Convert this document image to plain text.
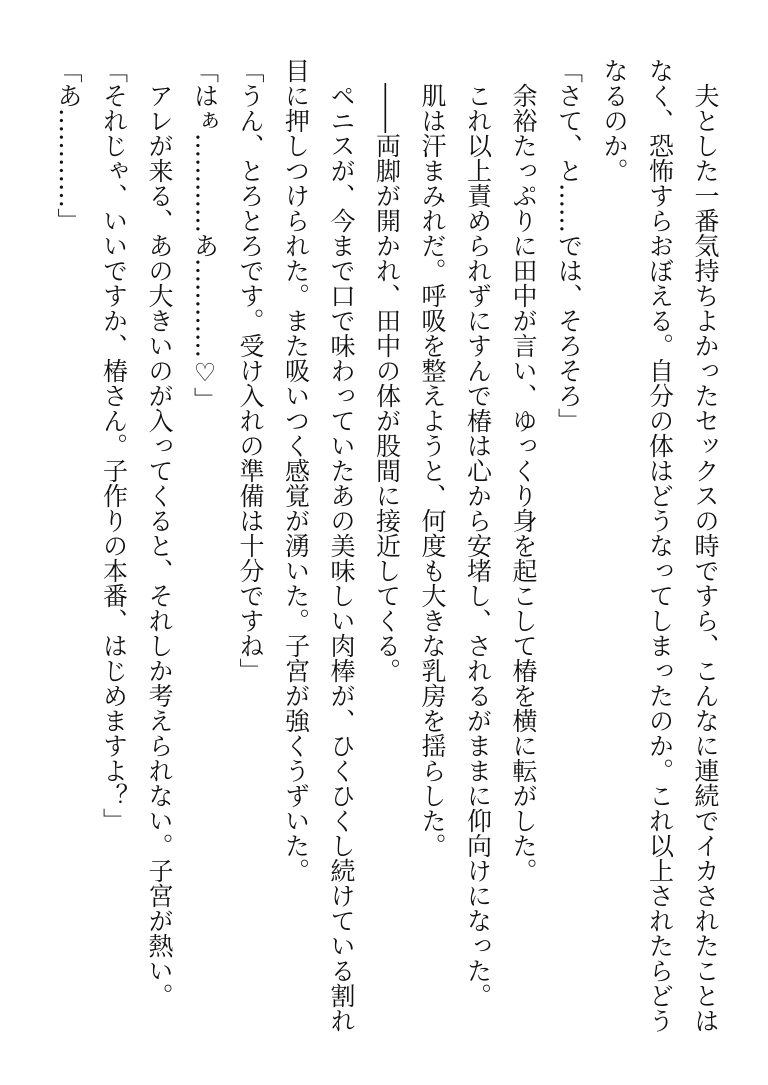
　夫とした一番気持ちよかったセックスの時ですら、こんなに連続でイカされたことはなく、恐怖すらおぼえる。自分の体はどうなってしまったのか。これ以上されたらどうなるのか。

「さて、と……では、そろそろ」

　余裕たっぷりに田中が言い、ゆっくり身を起こして椿を横に転がした。

　これ以上責められずにすんで椿は心から安堵し、されるがままに仰向けになった。

　肌は汗まみれだ。呼吸を整えようと、何度も大きな乳房を揺らした。

　――両脚が開かれ、田中の体が股間に接近してくる。

　ペニスが、今まで口で味わっていたあの美味しい肉棒が、ひくひくし続けている割れ目に押しつけられた。また吸いつく感覚が湧いた。子宮が強くうずいた。

「うん、とろとろです。受け入れの準備は十分ですね」

「はぁ…………あ…………♡」

　アレが来る、あの大きいのが入ってくると、それしか考えられない。子宮が熱い。

「それじゃ、いいですか、椿さん。子作りの本番、はじめますよ？」

「あ…………」
